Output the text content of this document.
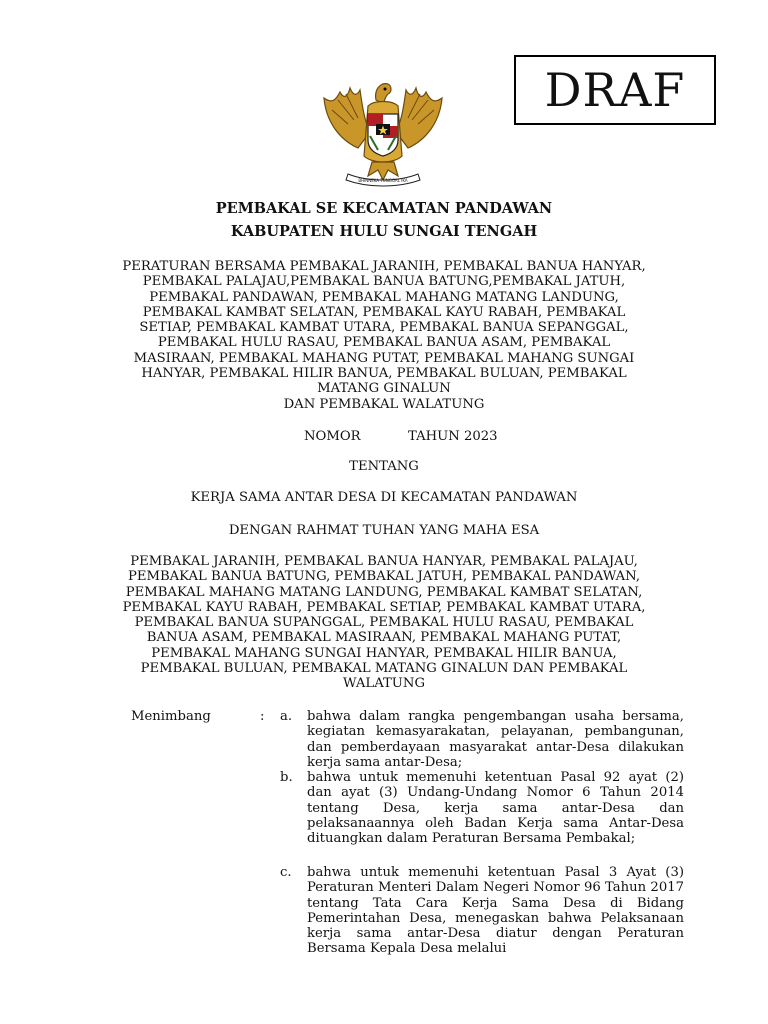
DRAF
BHINNEKA TUNGGAL IKA
PEMBAKAL SE KECAMATAN PANDAWAN
KABUPATEN HULU SUNGAI TENGAH
PERATURAN BERSAMA PEMBAKAL JARANIH, PEMBAKAL BANUA HANYAR, PEMBAKAL PALAJAU,PEMBAKAL BANUA BATUNG,PEMBAKAL JATUH, PEMBAKAL PANDAWAN, PEMBAKAL MAHANG MATANG LANDUNG, PEMBAKAL KAMBAT SELATAN, PEMBAKAL KAYU RABAH, PEMBAKAL SETIAP, PEMBAKAL KAMBAT UTARA, PEMBAKAL BANUA SEPANGGAL, PEMBAKAL HULU RASAU, PEMBAKAL BANUA ASAM, PEMBAKAL MASIRAAN, PEMBAKAL MAHANG PUTAT, PEMBAKAL MAHANG SUNGAI HANYAR, PEMBAKAL HILIR BANUA, PEMBAKAL BULUAN, PEMBAKAL MATANG GINALUN
DAN PEMBAKAL WALATUNG
NOMOR	TAHUN 2023
TENTANG
KERJA SAMA ANTAR DESA DI KECAMATAN PANDAWAN
DENGAN RAHMAT TUHAN YANG MAHA ESA
PEMBAKAL JARANIH, PEMBAKAL BANUA HANYAR, PEMBAKAL PALAJAU, PEMBAKAL BANUA BATUNG, PEMBAKAL JATUH, PEMBAKAL PANDAWAN, PEMBAKAL MAHANG MATANG LANDUNG, PEMBAKAL KAMBAT SELATAN, PEMBAKAL KAYU RABAH, PEMBAKAL SETIAP, PEMBAKAL KAMBAT UTARA, PEMBAKAL BANUA SUPANGGAL, PEMBAKAL HULU RASAU, PEMBAKAL BANUA ASAM, PEMBAKAL MASIRAAN, PEMBAKAL MAHANG PUTAT, PEMBAKAL MAHANG SUNGAI HANYAR, PEMBAKAL HILIR BANUA, PEMBAKAL BULUAN, PEMBAKAL MATANG GINALUN DAN PEMBAKAL WALATUNG
Menimbang	: a. bahwa dalam rangka pengembangan usaha bersama, kegiatan kemasyarakatan, pelayanan, pembangunan, dan pemberdayaan masyarakat antar-Desa dilakukan kerja sama antar-Desa;
b. bahwa untuk memenuhi ketentuan Pasal 92 ayat (2) dan ayat (3) Undang-Undang Nomor 6 Tahun 2014 tentang Desa, kerja sama antar-Desa dan pelaksanaannya oleh Badan Kerja sama Antar-Desa dituangkan dalam Peraturan Bersama Pembakal;
c. bahwa untuk memenuhi ketentuan Pasal 3 Ayat (3) Peraturan Menteri Dalam Negeri Nomor 96 Tahun 2017 tentang Tata Cara Kerja Sama Desa di Bidang Pemerintahan Desa, menegaskan bahwa Pelaksanaan kerja sama antar-Desa diatur dengan Peraturan Bersama Kepala Desa melalui
